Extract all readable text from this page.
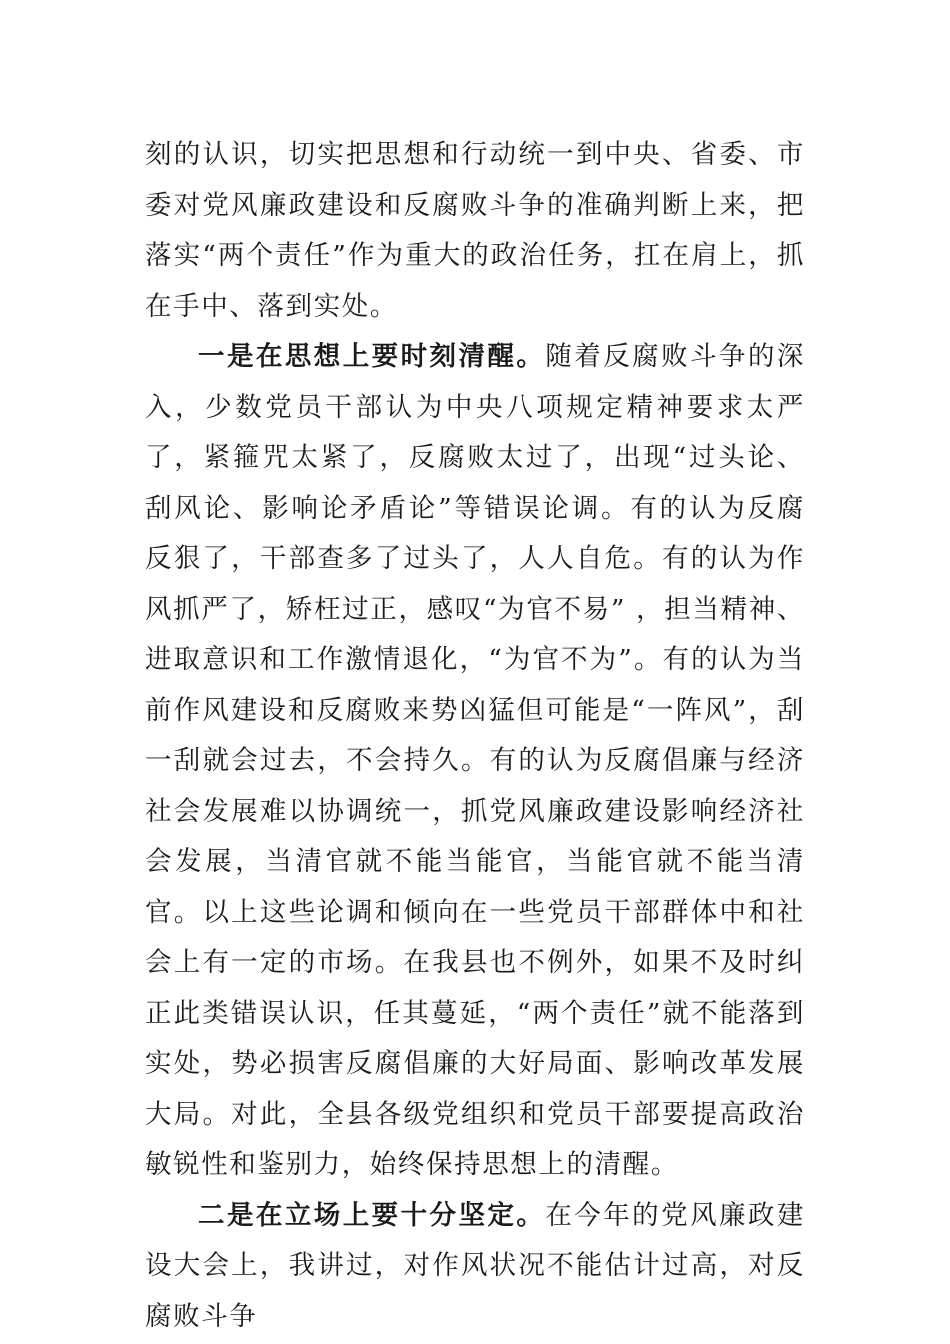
刻的认识，切实把思想和行动统一到中央、省委、市委对党风廉政建设和反腐败斗争的准确判断上来，把落实“两个责任”作为重大的政治任务，扛在肩上，抓在手中、落到实处。

一是在思想上要时刻清醒。随着反腐败斗争的深入，少数党员干部认为中央八项规定精神要求太严了，紧箍咒太紧了，反腐败太过了，出现“过头论、刮风论、影响论矛盾论”等错误论调。有的认为反腐反狠了，干部查多了过头了，人人自危。有的认为作风抓严了，矫枉过正，感叹“为官不易” ，担当精神、进取意识和工作激情退化，“为官不为”。有的认为当前作风建设和反腐败来势凶猛但可能是“一阵风”，刮一刮就会过去，不会持久。有的认为反腐倡廉与经济社会发展难以协调统一，抓党风廉政建设影响经济社会发展，当清官就不能当能官，当能官就不能当清官。以上这些论调和倾向在一些党员干部群体中和社会上有一定的市场。在我县也不例外，如果不及时纠正此类错误认识，任其蔓延，“两个责任”就不能落到实处，势必损害反腐倡廉的大好局面、影响改革发展大局。对此，全县各级党组织和党员干部要提高政治敏锐性和鉴别力，始终保持思想上的清醒。

二是在立场上要十分坚定。在今年的党风廉政建设大会上，我讲过，对作风状况不能估计过高，对反腐败斗争
